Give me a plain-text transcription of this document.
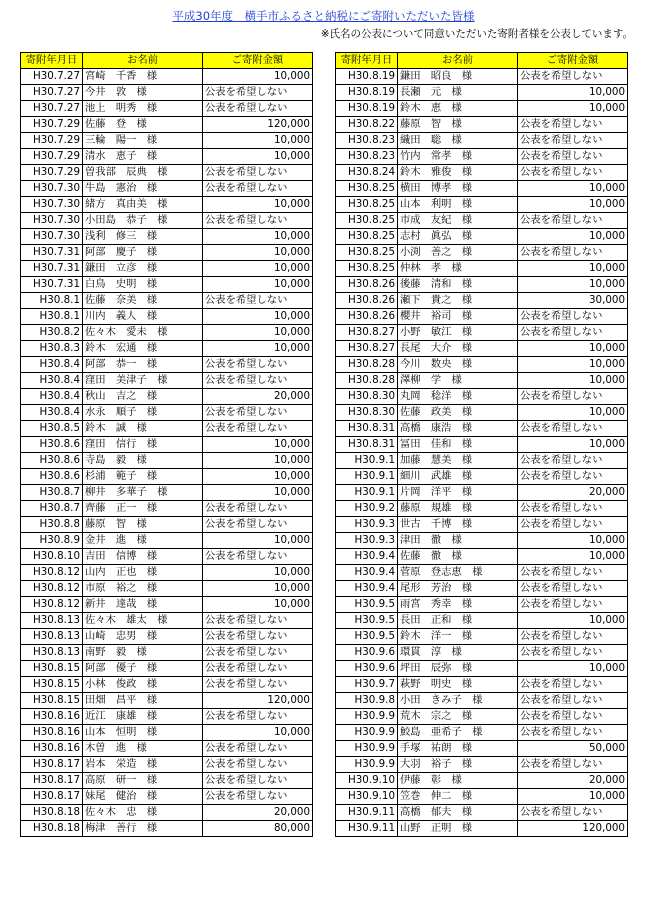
平成30年度　横手市ふるさと納税にご寄附いただいた皆様
※氏名の公表について同意いただいた寄附者様を公表しています。
寄附年月日	お名前	ご寄附金額
H30.7.27	宮崎　千香　様	10,000
H30.7.27	今井　敦　様	公表を希望しない
H30.7.27	池上　明秀　様	公表を希望しない
H30.7.29	佐藤　登　様	120,000
H30.7.29	三輪　陽一　様	10,000
H30.7.29	清水　恵子　様	10,000
H30.7.29	曽我部　辰典　様	公表を希望しない
H30.7.30	牛島　憲治　様	公表を希望しない
H30.7.30	緒方　真由美　様	10,000
H30.7.30	小田島　恭子　様	公表を希望しない
H30.7.30	浅利　修三　様	10,000
H30.7.31	阿部　慶子　様	10,000
H30.7.31	鎌田　立彦　様	10,000
H30.7.31	白鳥　史明　様	10,000
H30.8.1	佐藤　奈美　様	公表を希望しない
H30.8.1	川内　義人　様	10,000
H30.8.2	佐々木　愛未　様	10,000
H30.8.3	鈴木　宏通　様	10,000
H30.8.4	阿部　恭一　様	公表を希望しない
H30.8.4	窪田　美津子　様	公表を希望しない
H30.8.4	秋山　吉之　様	20,000
H30.8.4	水永　順子　様	公表を希望しない
H30.8.5	鈴木　誠　様	公表を希望しない
H30.8.6	窪田　信行　様	10,000
H30.8.6	寺島　毅　様	10,000
H30.8.6	杉浦　範子　様	10,000
H30.8.7	柳井　多華子　様	10,000
H30.8.7	齊藤　正一　様	公表を希望しない
H30.8.8	藤原　智　様	公表を希望しない
H30.8.9	金井　進　様	10,000
H30.8.10	吉田　信博　様	公表を希望しない
H30.8.12	山内　正也　様	10,000
H30.8.12	市原　裕之　様	10,000
H30.8.12	新井　達哉　様	10,000
H30.8.13	佐々木　雄太　様	公表を希望しない
H30.8.13	山崎　忠男　様	公表を希望しない
H30.8.13	南野　毅　様	公表を希望しない
H30.8.15	阿部　優子　様	公表を希望しない
H30.8.15	小林　俊政　様	公表を希望しない
H30.8.15	田畑　昌平　様	120,000
H30.8.16	近江　康雄　様	公表を希望しない
H30.8.16	山本　恒明　様	10,000
H30.8.16	木曽　進　様	公表を希望しない
H30.8.17	岩本　栄造　様	公表を希望しない
H30.8.17	高原　研一　様	公表を希望しない
H30.8.17	妹尾　健治　様	公表を希望しない
H30.8.18	佐々木　忠　様	20,000
H30.8.18	梅津　善行　様	80,000
寄附年月日	お名前	ご寄附金額
H30.8.19	鎌田　昭良　様	公表を希望しない
H30.8.19	長瀬　元　様	10,000
H30.8.19	鈴木　恵　様	10,000
H30.8.22	藤原　智　様	公表を希望しない
H30.8.23	織田　聡　様	公表を希望しない
H30.8.23	竹内　常孝　様	公表を希望しない
H30.8.24	鈴木　雅俊　様	公表を希望しない
H30.8.25	横田　博孝　様	10,000
H30.8.25	山本　利明　様	10,000
H30.8.25	市成　友紀　様	公表を希望しない
H30.8.25	志村　眞弘　様	10,000
H30.8.25	小渕　善之　様	公表を希望しない
H30.8.25	仲林　孝　様	10,000
H30.8.26	後藤　清和　様	10,000
H30.8.26	瀬下　貴之　様	30,000
H30.8.26	櫻井　裕司　様	公表を希望しない
H30.8.27	小野　敏江　様	公表を希望しない
H30.8.27	長尾　大介　様	10,000
H30.8.28	今川　数央　様	10,000
H30.8.28	澤柳　学　様	10,000
H30.8.30	丸岡　稔洋　様	公表を希望しない
H30.8.30	佐藤　政美　様	10,000
H30.8.31	高橋　康浩　様	公表を希望しない
H30.8.31	冨田　佳和　様	10,000
H30.9.1	加藤　慧美　様	公表を希望しない
H30.9.1	細川　武雄　様	公表を希望しない
H30.9.1	片岡　洋平　様	20,000
H30.9.2	藤原　規雄　様	公表を希望しない
H30.9.3	世古　千博　様	公表を希望しない
H30.9.3	津田　徹　様	10,000
H30.9.4	佐藤　徹　様	10,000
H30.9.4	菅原　登志恵　様	公表を希望しない
H30.9.4	尾形　芳治　様	公表を希望しない
H30.9.5	雨宮　秀幸　様	公表を希望しない
H30.9.5	長田　正和　様	10,000
H30.9.5	鈴木　洋一　様	公表を希望しない
H30.9.6	環貫　淳　様	公表を希望しない
H30.9.6	坪田　辰弥　様	10,000
H30.9.7	萩野　明史　様	公表を希望しない
H30.9.8	小田　きみ子　様	公表を希望しない
H30.9.9	荒木　宗之　様	公表を希望しない
H30.9.9	鮫島　亜希子　様	公表を希望しない
H30.9.9	手塚　祐朗　様	50,000
H30.9.9	大羽　裕子　様	公表を希望しない
H30.9.10	伊藤　彰　様	20,000
H30.9.10	笠巻　伸二　様	10,000
H30.9.11	高橋　郁夫　様	公表を希望しない
H30.9.11	山野　正明　様	120,000
